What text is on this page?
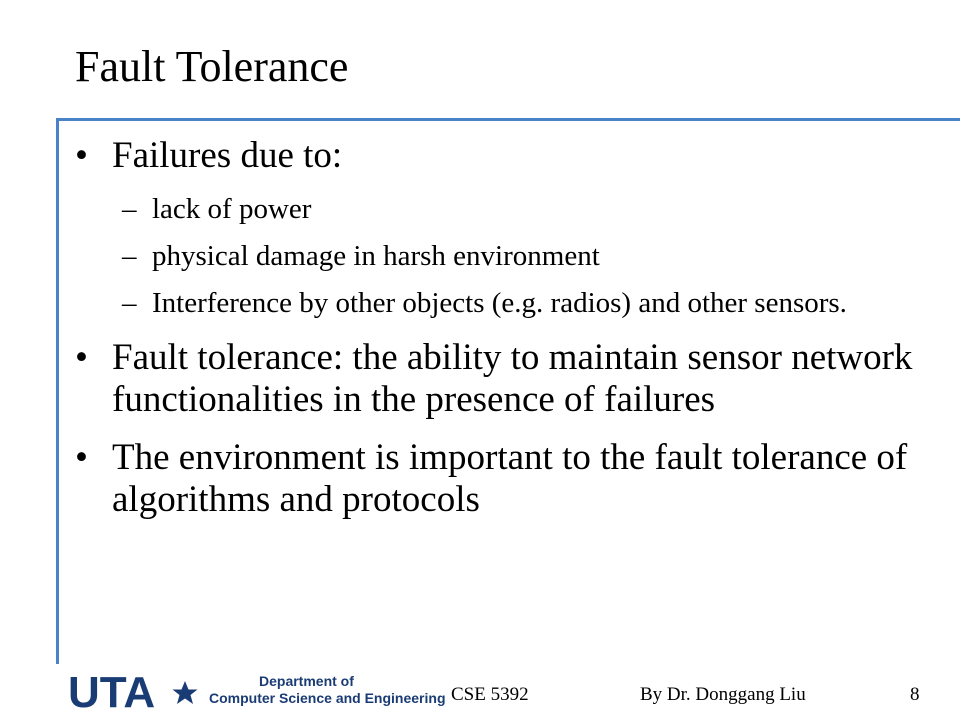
Fault Tolerance
• Failures due to:
– lack of power
– physical damage in harsh environment
– Interference by other objects (e.g. radios) and other sensors.
• Fault tolerance: the ability to maintain sensor network functionalities in the presence of failures
• The environment is important to the fault tolerance of algorithms and protocols
UTA	Department of
Computer Science and Engineering CSE 5392	By Dr. Donggang Liu	8
